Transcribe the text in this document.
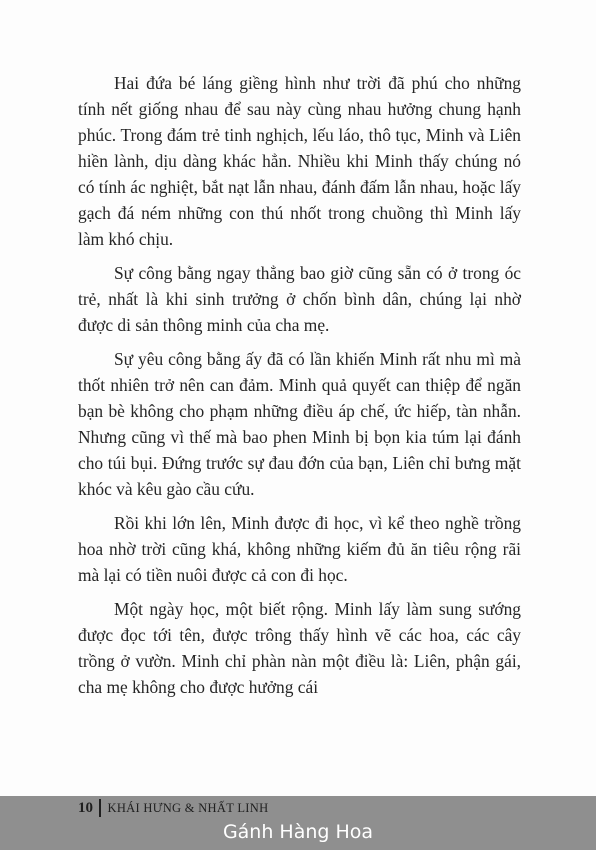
Hai đứa bé láng giềng hình như trời đã phú cho những tính nết giống nhau để sau này cùng nhau hưởng chung hạnh phúc. Trong đám trẻ tinh nghịch, lếu láo, thô tục, Minh và Liên hiền lành, dịu dàng khác hẳn. Nhiều khi Minh thấy chúng nó có tính ác nghiệt, bắt nạt lẫn nhau, đánh đấm lẫn nhau, hoặc lấy gạch đá ném những con thú nhốt trong chuồng thì Minh lấy làm khó chịu.

Sự công bằng ngay thẳng bao giờ cũng sẵn có ở trong óc trẻ, nhất là khi sinh trưởng ở chốn bình dân, chúng lại nhờ được di sản thông minh của cha mẹ.

Sự yêu công bằng ấy đã có lần khiến Minh rất nhu mì mà thốt nhiên trở nên can đảm. Minh quả quyết can thiệp để ngăn bạn bè không cho phạm những điều áp chế, ức hiếp, tàn nhẫn. Nhưng cũng vì thế mà bao phen Minh bị bọn kia túm lại đánh cho túi bụi. Đứng trước sự đau đớn của bạn, Liên chỉ bưng mặt khóc và kêu gào cầu cứu.

Rồi khi lớn lên, Minh được đi học, vì kể theo nghề trồng hoa nhờ trời cũng khá, không những kiếm đủ ăn tiêu rộng rãi mà lại có tiền nuôi được cả con đi học.

Một ngày học, một biết rộng. Minh lấy làm sung sướng được đọc tới tên, được trông thấy hình vẽ các hoa, các cây trồng ở vườn. Minh chỉ phàn nàn một điều là: Liên, phận gái, cha mẹ không cho được hưởng cái

10 KHÁI HƯNG & NHẤT LINH
Gánh Hàng Hoa
